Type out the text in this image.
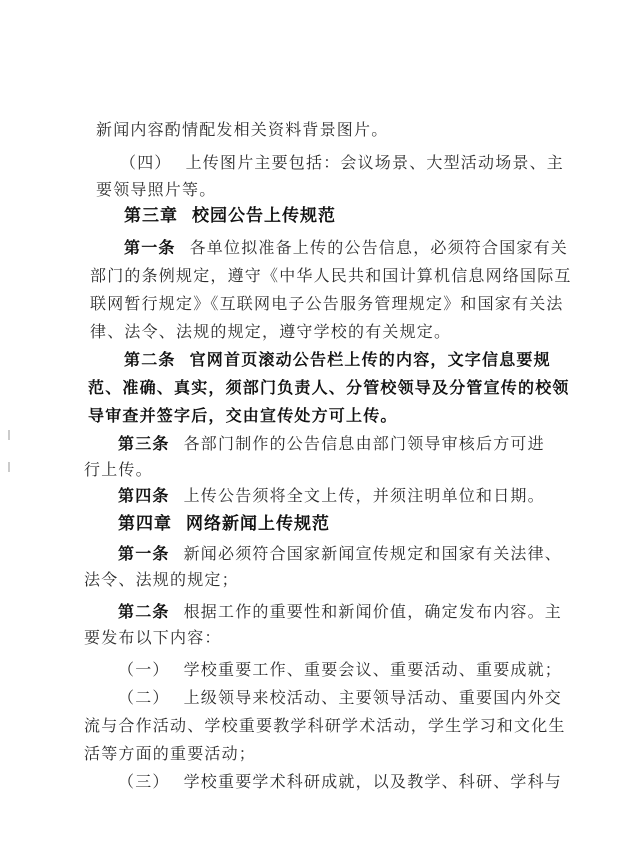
新闻内容酌情配发相关资料背景图片。
（四） 上传图片主要包括：会议场景、大型活动场景、主
要领导照片等。
第三章 校园公告上传规范
第一条 各单位拟准备上传的公告信息，必须符合国家有关
部门的条例规定，遵守《中华人民共和国计算机信息网络国际互
联网暂行规定》《互联网电子公告服务管理规定》和国家有关法
律、法令、法规的规定，遵守学校的有关规定。
第二条 官网首页滚动公告栏上传的内容，文字信息要规
范、准确、真实，须部门负责人、分管校领导及分管宣传的校领
导审查并签字后，交由宣传处方可上传。
第三条 各部门制作的公告信息由部门领导审核后方可进
行上传。
第四条 上传公告须将全文上传，并须注明单位和日期。
第四章 网络新闻上传规范
第一条 新闻必须符合国家新闻宣传规定和国家有关法律、
法令、法规的规定；
第二条 根据工作的重要性和新闻价值，确定发布内容。主
要发布以下内容：
（一） 学校重要工作、重要会议、重要活动、重要成就；
（二） 上级领导来校活动、主要领导活动、重要国内外交
流与合作活动、学校重要教学科研学术活动，学生学习和文化生
活等方面的重要活动；
（三） 学校重要学术科研成就，以及教学、科研、学科与
